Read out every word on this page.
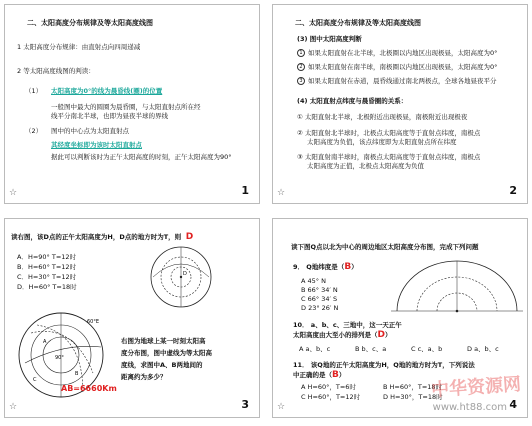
二、太阳高度分布规律及等太阳高度线图
1 太阳高度分布规律：由直射点向四周递减
2 等太阳高度线图的判读：
（1） 太阳高度为0°的线为晨昏线(圈)的位置
一般图中最大的圆圈为晨昏圈，与太阳直射点所在经
线平分南北半球，也即为昼夜半球的界线
（2） 图中的中心点为太阳直射点
其经度坐标即为该时太阳直射点
据此可以判断该时为正午太阳高度的时刻，正午太阳高度为90°
☆	1
二、太阳高度分布规律及等太阳高度线图
(3) 图中太阳高度判断
1 如果太阳直射在北半球，北极圈以内地区出现极昼，太阳高度为0°
2 如果太阳直射在南半球，南极圈以内地区出现极昼，太阳高度为0°
3 如果太阳直射在赤道，晨昏线通过南北两极点，全球各地昼夜平分
(4) 太阳直射点纬度与晨昏圈的关系：
① 太阳直射北半球，北极附近出现极昼，南极附近出现极夜
② 太阳直射北半球时，北极点太阳高度等于直射点纬度，南极点
太阳高度为负值，该点纬度即为太阳直射点所在纬度
③ 太阳直射南半球时，南极点太阳高度等于直射点纬度，南极点
太阳高度为正值，北极点太阳高度为负值
☆	2
读右图，该D点的正午太阳高度为H，D点的地方时为T，则 D
A．H=90° T=12时
B．H=60° T=12时
C．H=30° T=12时
D．H=60° T=18时
D
60°E
90°
A
B
C
右图为地球上某一时刻太阳高
度分布图，图中虚线为等太阳高
度线，求图中A、B两地间的
距离约为多少？
AB=6660Km
☆	3
读下图Q点以北为中心的周边地区太阳高度分布图，完成下列问题
9． Q地纬度是（B）
A 45° N
B 66° 34′ N
C 66° 34′ S
D 23° 26′ N
10． a、b、c、三地中，这一天正午
太阳高度由大至小的排列是（D）
A a、b、c	B b、c、a	C c、a、b	D a、b、c
11． 该Q地的正午太阳高度为H，Q地的地方时为T，下列说法
中正确的是（B）
A H=60°，T=6时	B H=60°，T=18时
C H=60°，T=12时	D H=30°，T=18时
中华资源网
www.ht88.com
☆	4
